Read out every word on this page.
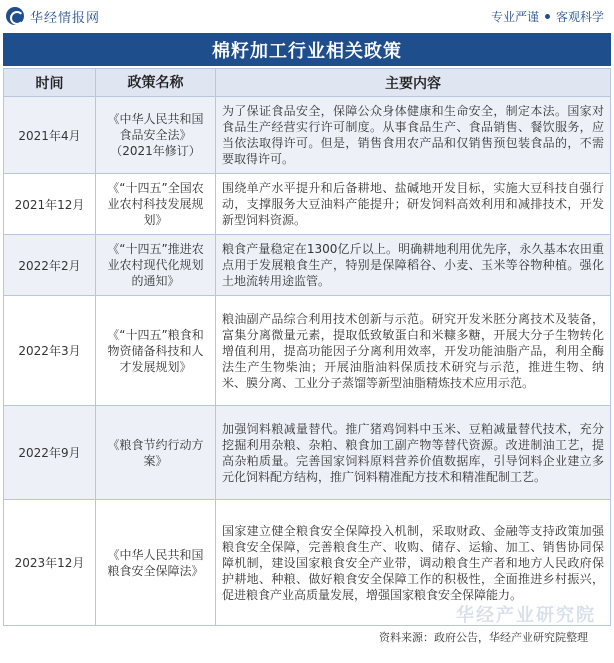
华经情报网	专业严谨 客观科学
棉籽加工行业相关政策
时间	政策名称	主要内容
2021年4月	《中华人民共和国食品安全法》（2021年修订）	为了保证食品安全，保障公众身体健康和生命安全，制定本法。国家对食品生产经营实行许可制度。从事食品生产、食品销售、餐饮服务，应当依法取得许可。但是，销售食用农产品和仅销售预包装食品的，不需要取得许可。
2021年12月	《“十四五”全国农业农村科技发展规划》	围绕单产水平提升和后备耕地、盐碱地开发目标，实施大豆科技自强行动，支撑服务大豆油料产能提升；研发饲料高效利用和减排技术，开发新型饲料资源。
2022年2月	《“十四五”推进农业农村现代化规划的通知》	粮食产量稳定在1300亿斤以上。明确耕地利用优先序，永久基本农田重点用于发展粮食生产，特别是保障稻谷、小麦、玉米等谷物种植。强化土地流转用途监管。
2022年3月	《“十四五”粮食和物资储备科技和人才发展规划》	粮油副产品综合利用技术创新与示范。研究开发米胚分离技术及装备，富集分离微量元素，提取低致敏蛋白和米糠多糖，开展大分子生物转化增值利用，提高功能因子分离利用效率，开发功能油脂产品，利用全酶法生产生物柴油；开展油脂油料保质技术研究与示范，推进生物、纳米、膜分离、工业分子蒸馏等新型油脂精炼技术应用示范。
2022年9月	《粮食节约行动方案》	加强饲料粮减量替代。推广猪鸡饲料中玉米、豆粕减量替代技术，充分挖掘利用杂粮、杂粕、粮食加工副产物等替代资源。改进制油工艺，提高杂粕质量。完善国家饲料原料营养价值数据库，引导饲料企业建立多元化饲料配方结构，推广饲料精准配方技术和精准配制工艺。
2023年12月	《中华人民共和国粮食安全保障法》	国家建立健全粮食安全保障投入机制，采取财政、金融等支持政策加强粮食安全保障，完善粮食生产、收购、储存、运输、加工、销售协同保障机制，建设国家粮食安全产业带，调动粮食生产者和地方人民政府保护耕地、种粮、做好粮食安全保障工作的积极性，全面推进乡村振兴，促进粮食产业高质量发展，增强国家粮食安全保障能力。
华经产业研究院
资料来源：政府公告，华经产业研究院整理
